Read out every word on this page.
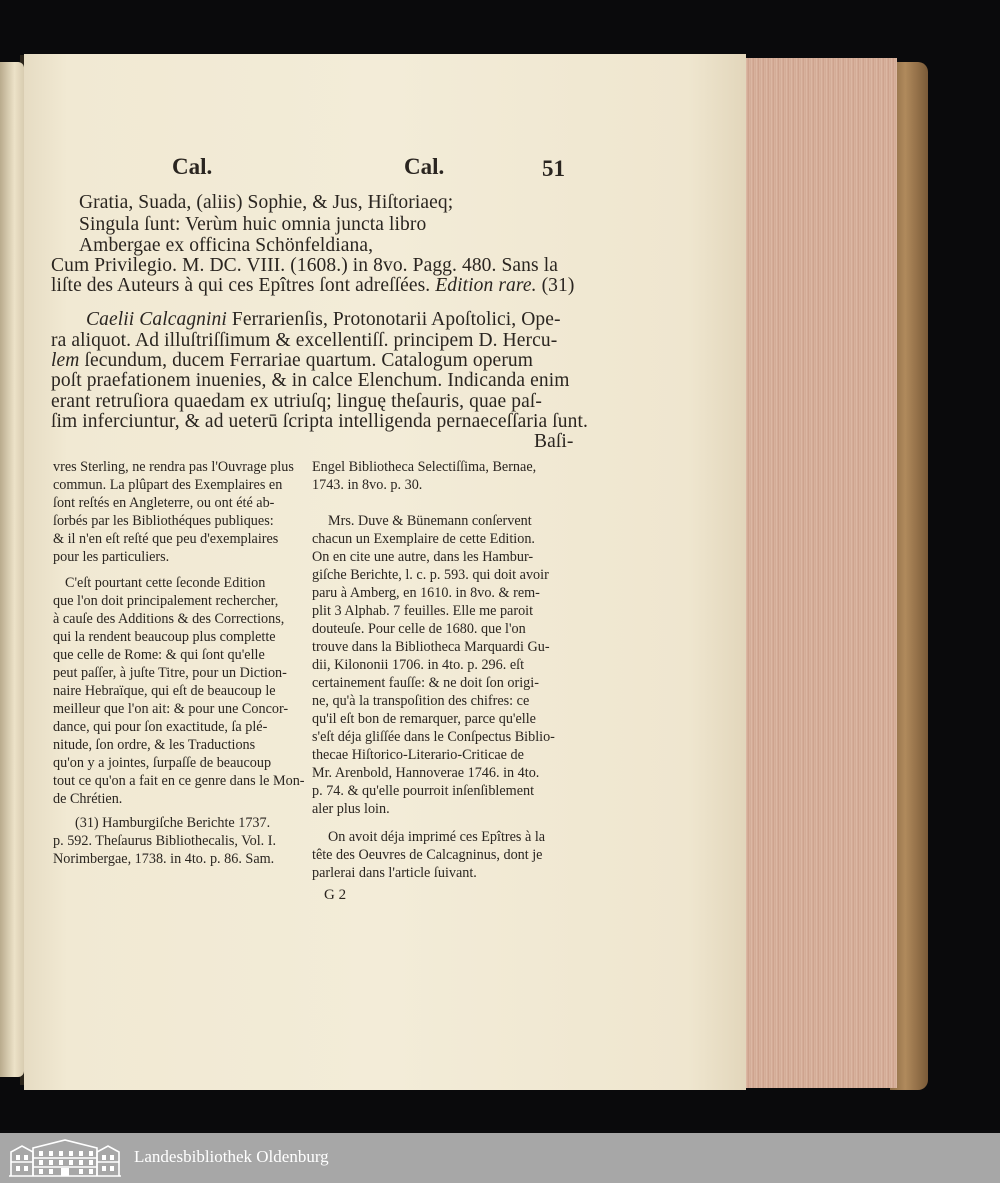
Cal.	Cal.	51
Gratia, Suada, (aliis) Sophie, & Jus, Hiſtoriaeq;
Singula ſunt: Verùm huic omnia juncta libro
Ambergae ex officina Schönfeldiana,
Cum Privilegio. M. DC. VIII. (1608.) in 8vo. Pagg. 480. Sans la
liſte des Auteurs à qui ces Epîtres ſont adreſſées. Edition rare. (31)
Caelii Calcagnini Ferrarienſis, Protonotarii Apoſtolici, Ope-
ra aliquot. Ad illuſtriſſimum & excellentiſſ. principem D. Hercu-
lem ſecundum, ducem Ferrariae quartum. Catalogum operum
poſt praefationem inuenies, & in calce Elenchum. Indicanda enim
erant retruſiora quaedam ex utriuſq; linguę theſauris, quae paſ-
ſim inferciuntur, & ad ueterū ſcripta intelligenda pernaeceſſaria ſunt.
Baſi-
vres Sterling, ne rendra pas l'Ouvrage plus
commun. La plûpart des Exemplaires en
ſont reſtés en Angleterre, ou ont été ab-
ſorbés par les Bibliothéques publiques:
& il n'en eſt reſté que peu d'exemplaires
pour les particuliers.
C'eſt pourtant cette ſeconde Edition
que l'on doit principalement rechercher,
à cauſe des Additions & des Corrections,
qui la rendent beaucoup plus complette
que celle de Rome: & qui ſont qu'elle
peut paſſer, à juſte Titre, pour un Diction-
naire Hebraïque, qui eſt de beaucoup le
meilleur que l'on ait: & pour une Concor-
dance, qui pour ſon exactitude, ſa plé-
nitude, ſon ordre, & les Traductions
qu'on y a jointes, ſurpaſſe de beaucoup
tout ce qu'on a fait en ce genre dans le Mon-
de Chrétien.
(31) Hamburgiſche Berichte 1737.
p. 592. Theſaurus Bibliothecalis, Vol. I.
Norimbergae, 1738. in 4to. p. 86. Sam.
Engel Bibliotheca Selectiſſima, Bernae,
1743. in 8vo. p. 30.
Mrs. Duve & Bünemann conſervent
chacun un Exemplaire de cette Edition.
On en cite une autre, dans les Hambur-
giſche Berichte, l. c. p. 593. qui doit avoir
paru à Amberg, en 1610. in 8vo. & rem-
plit 3 Alphab. 7 feuilles. Elle me paroit
douteuſe. Pour celle de 1680. que l'on
trouve dans la Bibliotheca Marquardi Gu-
dii, Kilononii 1706. in 4to. p. 296. eſt
certainement fauſſe: & ne doit ſon origi-
ne, qu'à la transpoſition des chifres: ce
qu'il eſt bon de remarquer, parce qu'elle
s'eſt déja gliſſée dans le Conſpectus Biblio-
thecae Hiſtorico-Literario-Criticae de
Mr. Arenbold, Hannoverae 1746. in 4to.
p. 74. & qu'elle pourroit inſenſiblement
aler plus loin.
On avoit déja imprimé ces Epîtres à la
tête des Oeuvres de Calcagninus, dont je
parlerai dans l'article ſuivant.
G 2
Landesbibliothek Oldenburg
